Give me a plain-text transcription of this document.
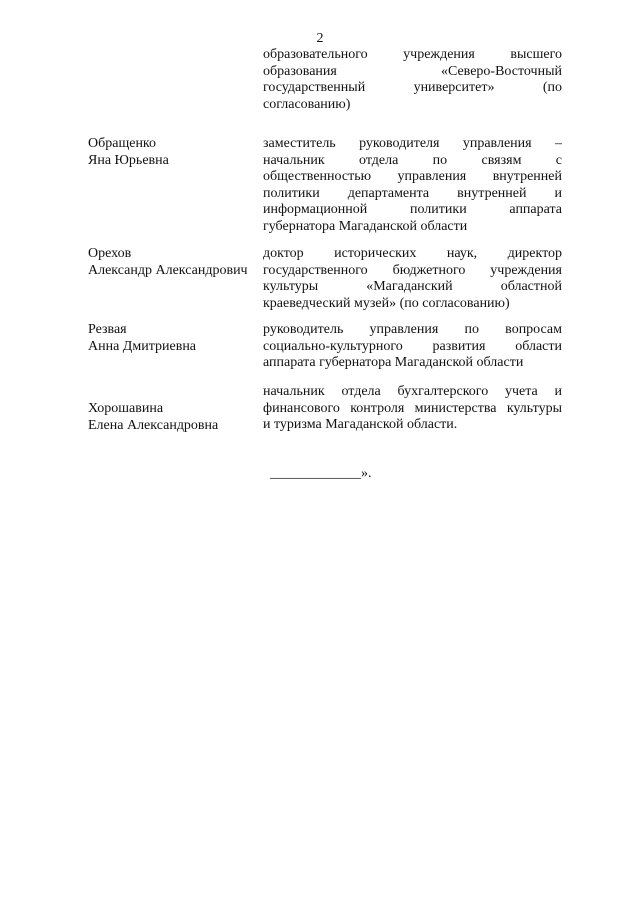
2
образовательного учреждения высшего
образования «Северо-Восточный
государственный университет» (по
согласованию)
Обращенко
Яна Юрьевна
заместитель руководителя управления –
начальник отдела по связям с
общественностью управления внутренней
политики департамента внутренней и
информационной политики аппарата
губернатора Магаданской области
Орехов
Александр Александрович
доктор исторических наук, директор
государственного бюджетного учреждения
культуры «Магаданский областной
краеведческий музей» (по согласованию)
Резвая
Анна Дмитриевна
руководитель управления по вопросам
социально-культурного развития области
аппарата губернатора Магаданской области
Хорошавина
Елена Александровна
начальник отдела бухгалтерского учета и
финансового контроля министерства культуры
и туризма Магаданской области.
_____________».
